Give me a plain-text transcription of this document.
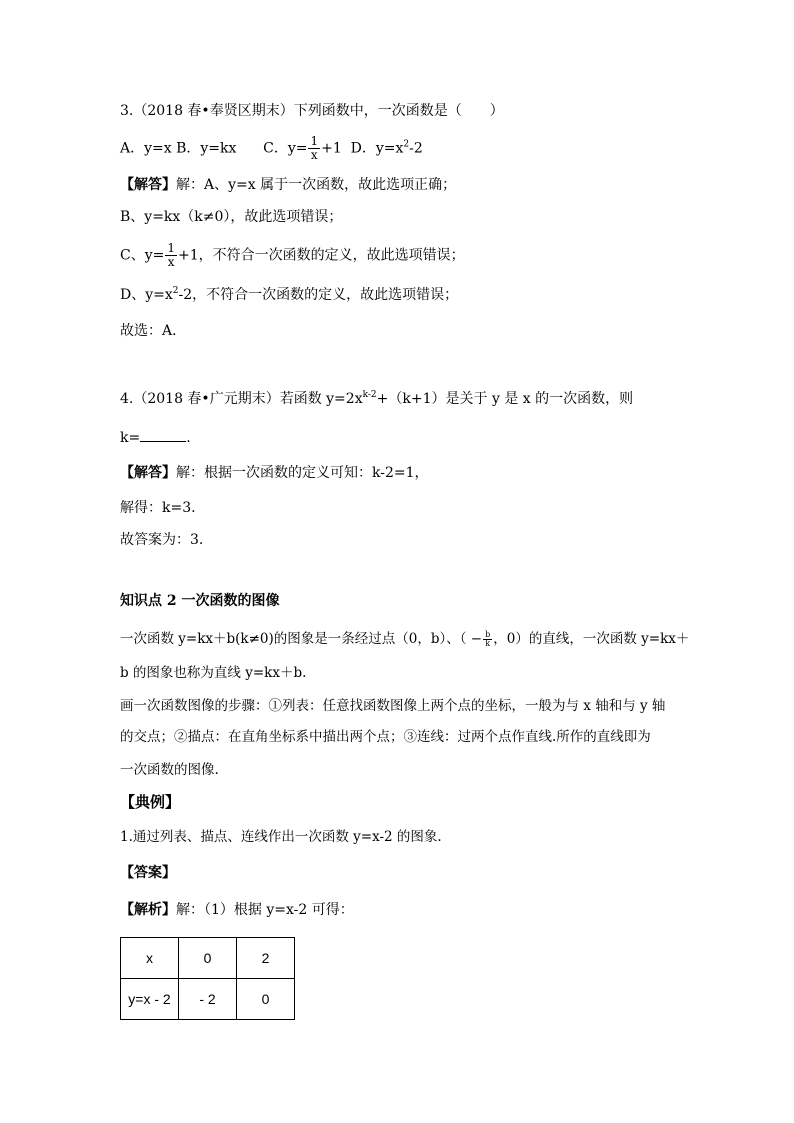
3.（2018 春•奉贤区期末）下列函数中，一次函数是（　　）
A．y=x B．y=kx C．$y= \frac{1}{x} +1$ D．$y=x^2-2$
【解答】解：A、y=x 属于一次函数，故此选项正确；
B、y=kx（k≠0），故此选项错误；
C、$y= \frac{1}{x} +1$，不符合一次函数的定义，故此选项错误；
D、$y=x^2-2$，不符合一次函数的定义，故此选项错误；
故选：A．
4.（2018 春•广元期末）若函数 $y=2x^{k-2}+(k+1)$是关于 y 是 x 的一次函数，则
k=	.
【解答】解：根据一次函数的定义可知：k-2=1，
解得：k=3.
故答案为：3.
知识点 2 一次函数的图像
一次函数 y=kx＋b(k≠0)的图象是一条经过点（0，b）、（ − $\frac{b}{k}$ ，0）的直线，一次函数 y=kx＋
b 的图象也称为直线 y=kx＋b.
画一次函数图像的步骤：①列表：任意找函数图像上两个点的坐标，一般为与 x 轴和与 y 轴
的交点；②描点：在直角坐标系中描出两个点；③连线：过两个点作直线.所作的直线即为
一次函数的图像.
【典例】
1.通过列表、描点、连线作出一次函数 y=x-2 的图象.
【答案】
【解析】解：（1）根据 y=x-2 可得：
x	0	2
y=x - 2	- 2	0
